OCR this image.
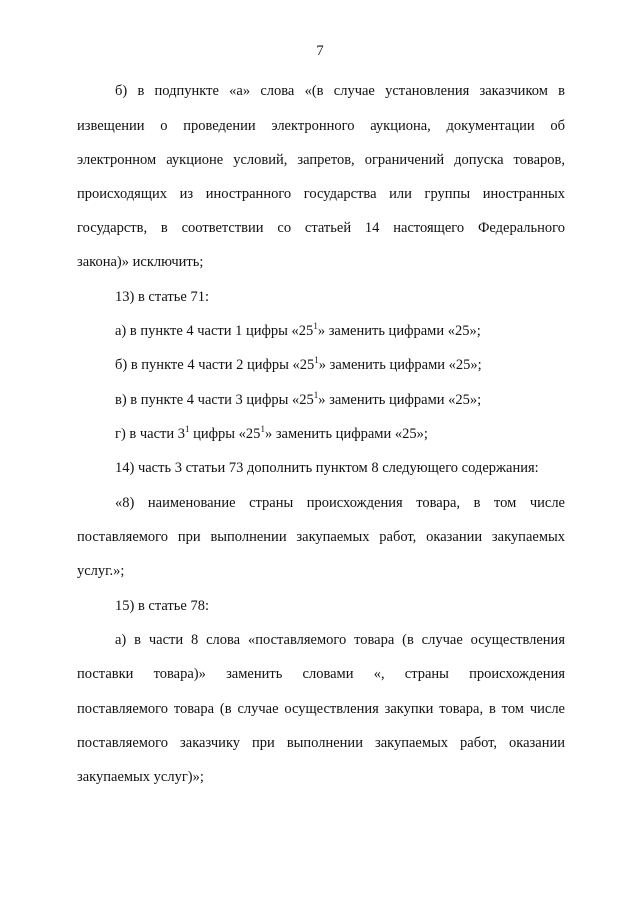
7
б) в подпункте «а» слова «(в случае установления заказчиком в
извещении о проведении электронного аукциона, документации об
электронном аукционе условий, запретов, ограничений допуска товаров,
происходящих из иностранного государства или группы иностранных
государств, в соответствии со статьей 14 настоящего Федерального
закона)» исключить;
13) в статье 71:
а) в пункте 4 части 1 цифры «$25^1$» заменить цифрами «25»;
б) в пункте 4 части 2 цифры «$25^1$» заменить цифрами «25»;
в) в пункте 4 части 3 цифры «$25^1$» заменить цифрами «25»;
г) в части $3^1$ цифры «$25^1$» заменить цифрами «25»;
14) часть 3 статьи 73 дополнить пунктом 8 следующего содержания:
«8) наименование страны происхождения товара, в том числе
поставляемого при выполнении закупаемых работ, оказании закупаемых
услуг.»;
15) в статье 78:
а) в части 8 слова «поставляемого товара (в случае осуществления
поставки товара)» заменить словами «, страны происхождения
поставляемого товара (в случае осуществления закупки товара, в том числе
поставляемого заказчику при выполнении закупаемых работ, оказании
закупаемых услуг)»;
